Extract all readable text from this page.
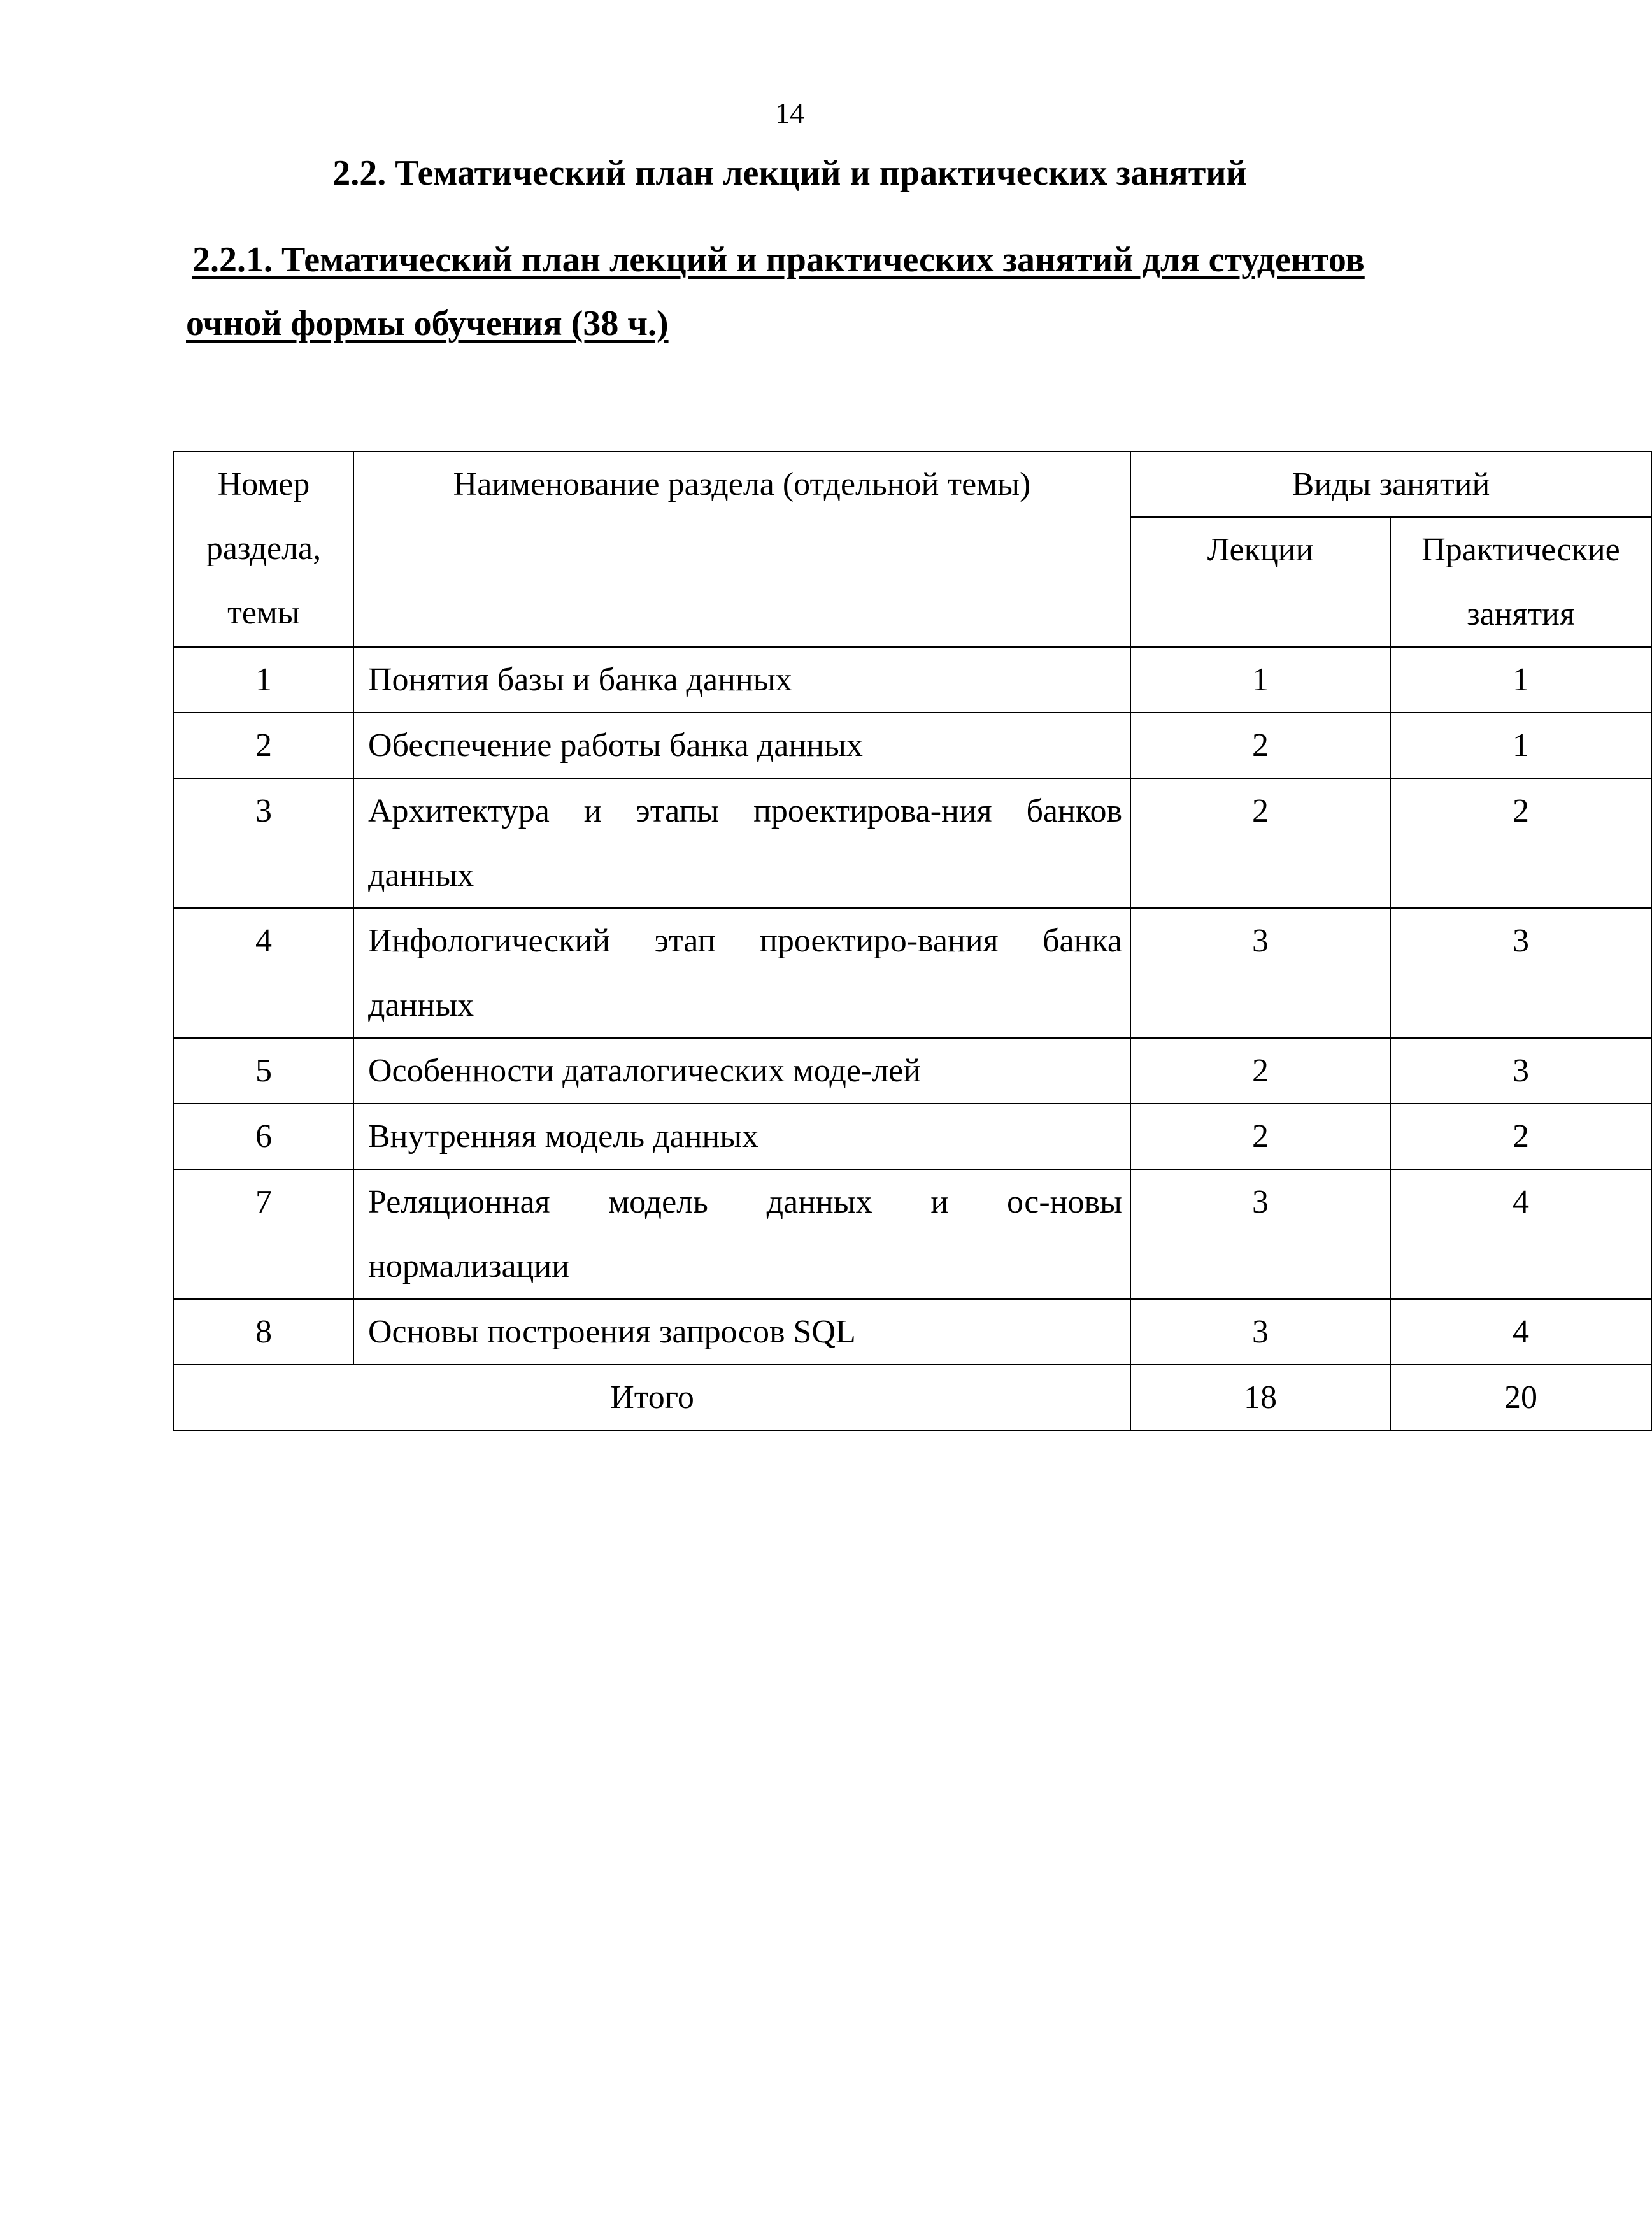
14
2.2. Тематический план лекций и практических занятий
2.2.1. Тематический план лекций и практических занятий для студентов
очной формы обучения (38 ч.)
Номер раздела, темы	Наименование раздела (отдельной темы)	Виды занятий	
		Лекции	Практические занятия
1	Понятия базы и банка данных	1	1
2	Обеспечение работы банка данных	2	1
3	Архитектура и этапы проектирова-ния банков данных	2	2
4	Инфологический этап проектиро-вания банка данных	3	3
5	Особенности даталогических моде-лей	2	3
6	Внутренняя модель данных	2	2
7	Реляционная модель данных и ос-новы нормализации	3	4
8	Основы построения запросов SQL	3	4
Итого		18	20
